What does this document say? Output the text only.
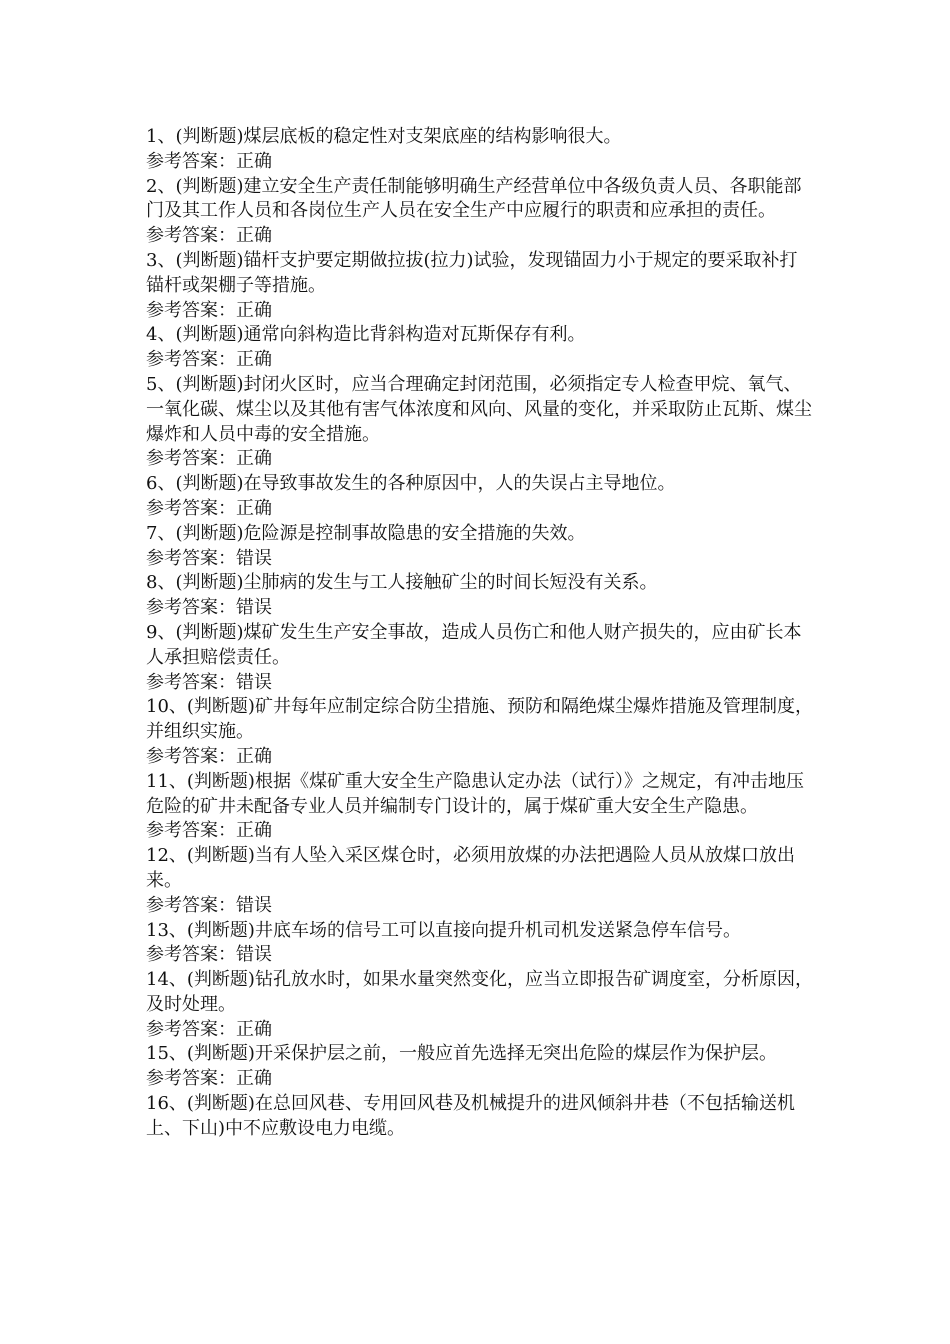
1、(判断题)煤层底板的稳定性对支架底座的结构影响很大。

参考答案：正确

2、(判断题)建立安全生产责任制能够明确生产经营单位中各级负责人员、各职能部门及其工作人员和各岗位生产人员在安全生产中应履行的职责和应承担的责任。

参考答案：正确

3、(判断题)锚杆支护要定期做拉拔(拉力)试验，发现锚固力小于规定的要采取补打锚杆或架棚子等措施。

参考答案：正确

4、(判断题)通常向斜构造比背斜构造对瓦斯保存有利。

参考答案：正确

5、(判断题)封闭火区时，应当合理确定封闭范围，必须指定专人检查甲烷、氧气、一氧化碳、煤尘以及其他有害气体浓度和风向、风量的变化，并采取防止瓦斯、煤尘爆炸和人员中毒的安全措施。

参考答案：正确

6、(判断题)在导致事故发生的各种原因中，人的失误占主导地位。

参考答案：正确

7、(判断题)危险源是控制事故隐患的安全措施的失效。

参考答案：错误

8、(判断题)尘肺病的发生与工人接触矿尘的时间长短没有关系。

参考答案：错误

9、(判断题)煤矿发生生产安全事故，造成人员伤亡和他人财产损失的，应由矿长本人承担赔偿责任。

参考答案：错误

10、(判断题)矿井每年应制定综合防尘措施、预防和隔绝煤尘爆炸措施及管理制度，并组织实施。

参考答案：正确

11、(判断题)根据《煤矿重大安全生产隐患认定办法（试行）》之规定，有冲击地压危险的矿井未配备专业人员并编制专门设计的，属于煤矿重大安全生产隐患。

参考答案：正确

12、(判断题)当有人坠入采区煤仓时，必须用放煤的办法把遇险人员从放煤口放出来。

参考答案：错误

13、(判断题)井底车场的信号工可以直接向提升机司机发送紧急停车信号。

参考答案：错误

14、(判断题)钻孔放水时，如果水量突然变化，应当立即报告矿调度室，分析原因，及时处理。

参考答案：正确

15、(判断题)开采保护层之前，一般应首先选择无突出危险的煤层作为保护层。

参考答案：正确

16、(判断题)在总回风巷、专用回风巷及机械提升的进风倾斜井巷（不包括输送机上、下山)中不应敷设电力电缆。
